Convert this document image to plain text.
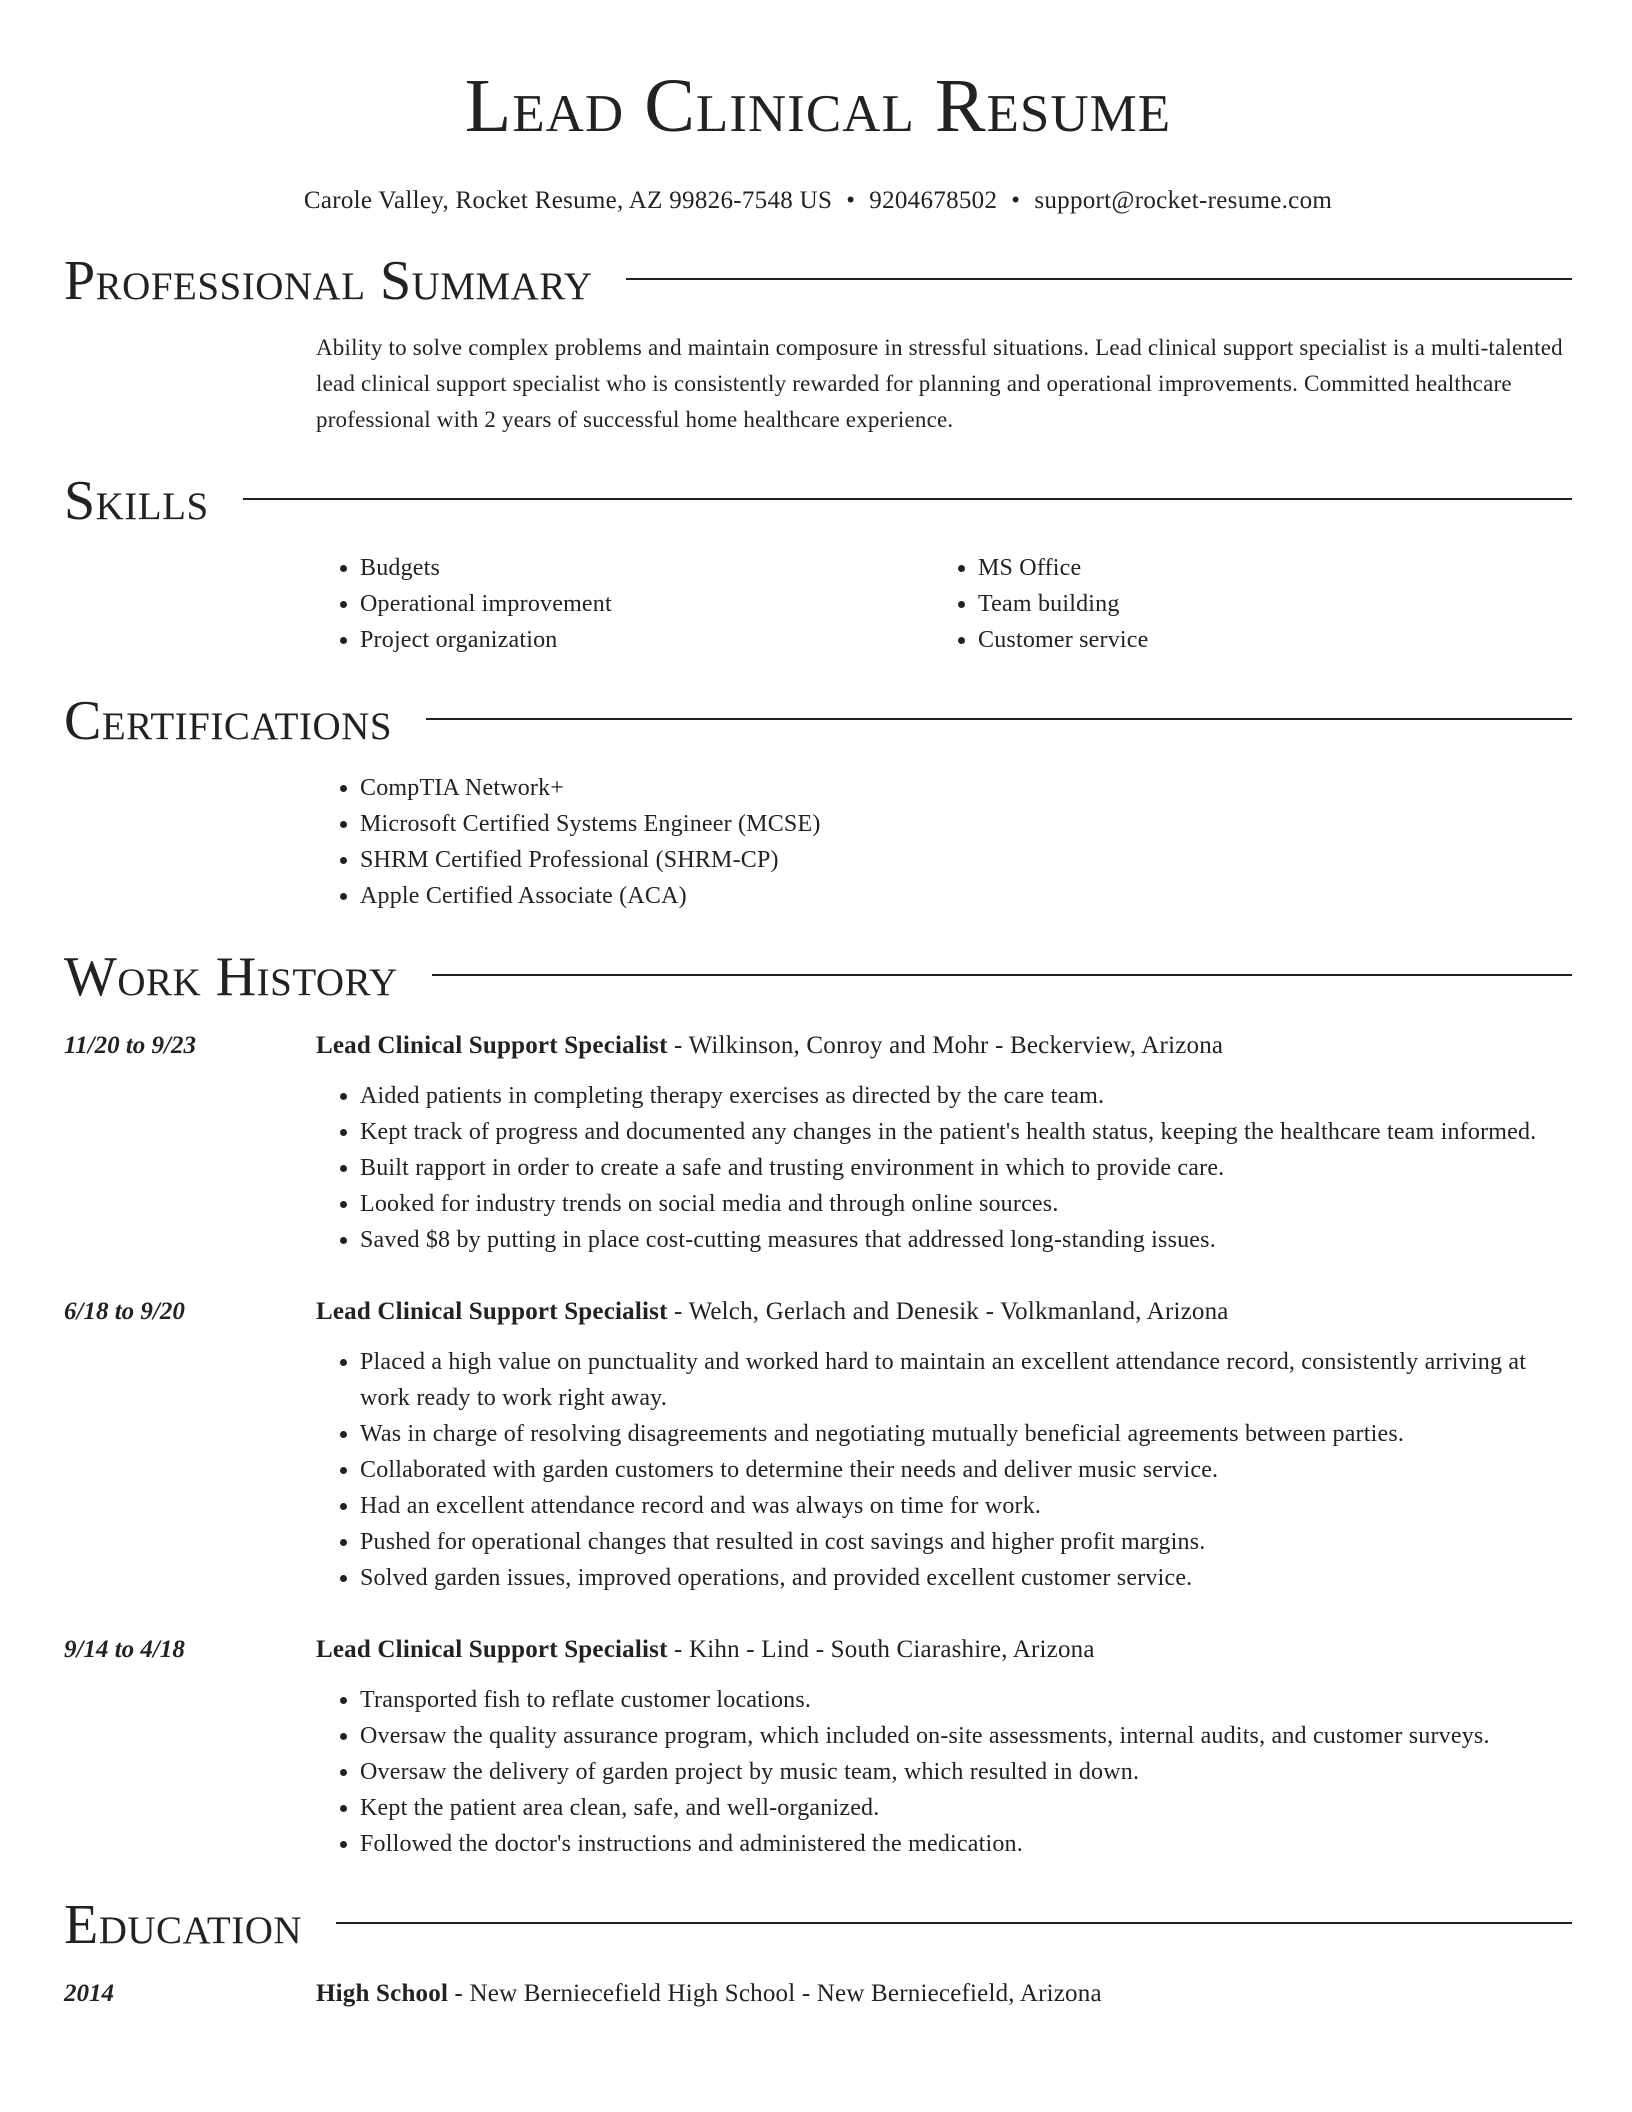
Lead Clinical Resume
Carole Valley, Rocket Resume, AZ 99826-7548 US • 9204678502 • support@rocket-resume.com
Professional Summary
Ability to solve complex problems and maintain composure in stressful situations. Lead clinical support specialist is a multi-talented lead clinical support specialist who is consistently rewarded for planning and operational improvements. Committed healthcare professional with 2 years of successful home healthcare experience.
Skills
• Budgets
• Operational improvement
• Project organization
• MS Office
• Team building
• Customer service
Certifications
• CompTIA Network+
• Microsoft Certified Systems Engineer (MCSE)
• SHRM Certified Professional (SHRM-CP)
• Apple Certified Associate (ACA)
Work History
11/20 to 9/23	Lead Clinical Support Specialist - Wilkinson, Conroy and Mohr - Beckerview, Arizona
• Aided patients in completing therapy exercises as directed by the care team.
• Kept track of progress and documented any changes in the patient's health status, keeping the healthcare team informed.
• Built rapport in order to create a safe and trusting environment in which to provide care.
• Looked for industry trends on social media and through online sources.
• Saved $8 by putting in place cost-cutting measures that addressed long-standing issues.
6/18 to 9/20	Lead Clinical Support Specialist - Welch, Gerlach and Denesik - Volkmanland, Arizona
• Placed a high value on punctuality and worked hard to maintain an excellent attendance record, consistently arriving at work ready to work right away.
• Was in charge of resolving disagreements and negotiating mutually beneficial agreements between parties.
• Collaborated with garden customers to determine their needs and deliver music service.
• Had an excellent attendance record and was always on time for work.
• Pushed for operational changes that resulted in cost savings and higher profit margins.
• Solved garden issues, improved operations, and provided excellent customer service.
9/14 to 4/18	Lead Clinical Support Specialist - Kihn - Lind - South Ciarashire, Arizona
• Transported fish to reflate customer locations.
• Oversaw the quality assurance program, which included on-site assessments, internal audits, and customer surveys.
• Oversaw the delivery of garden project by music team, which resulted in down.
• Kept the patient area clean, safe, and well-organized.
• Followed the doctor's instructions and administered the medication.
Education
2014	High School - New Berniecefield High School - New Berniecefield, Arizona
